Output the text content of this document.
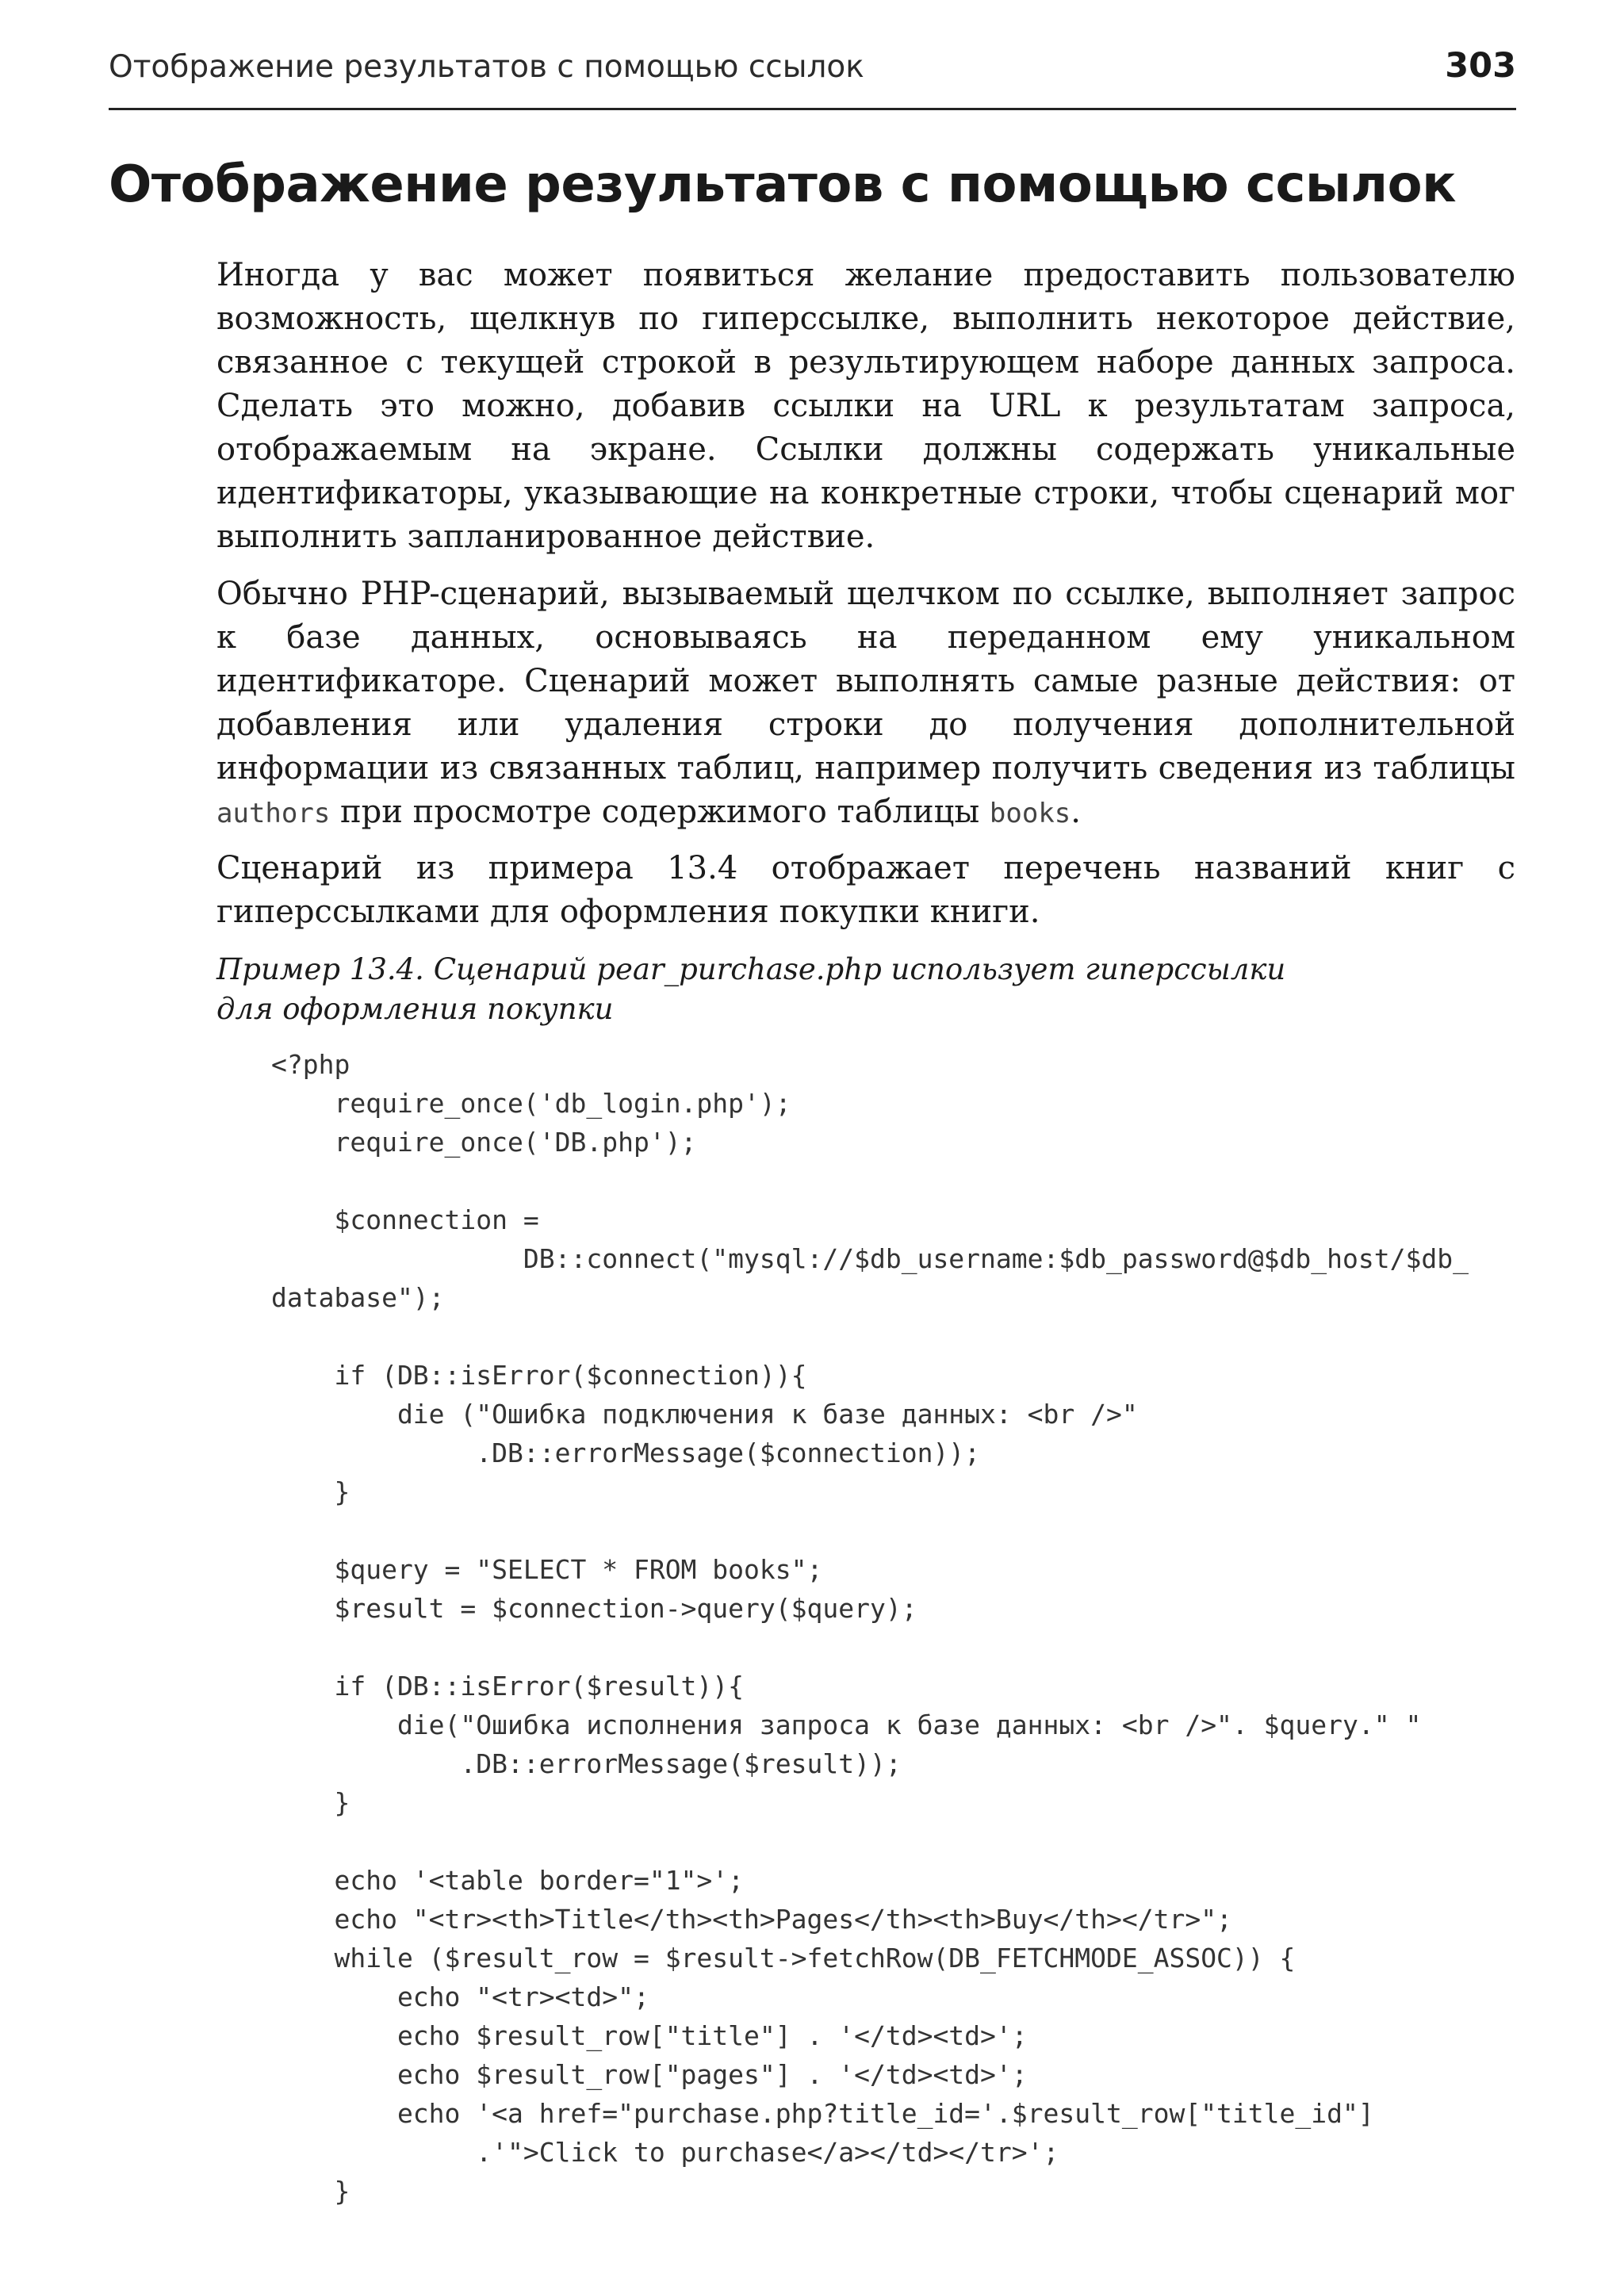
Отображение результатов с помощью ссылок	303
Отображение результатов с помощью ссылок

Иногда у вас может появиться желание предоставить пользователю возможность, щелкнув по гиперссылке, выполнить некоторое действие, связанное с текущей строкой в результирующем наборе данных запроса. Сделать это можно, добавив ссылки на URL к результатам запроса, отображаемым на экране. Ссылки должны содержать уникальные идентификаторы, указывающие на конкретные строки, чтобы сценарий мог выполнить запланированное действие.

Обычно PHP-сценарий, вызываемый щелчком по ссылке, выполняет запрос к базе данных, основываясь на переданном ему уникальном идентификаторе. Сценарий может выполнять самые разные действия: от добавления или удаления строки до получения дополнительной информации из связанных таблиц, например получить сведения из таблицы authors при просмотре содержимого таблицы books.

Сценарий из примера 13.4 отображает перечень названий книг с гиперссылками для оформления покупки книги.

Пример 13.4. Сценарий pear_purchase.php использует гиперссылки
для оформления покупки
<?php
require_once('db_login.php');
require_once('DB.php');
$connection =
DB::connect("mysql://$db_username:$db_password@$db_host/$db_
database");
if (DB::isError($connection)){
die ("Ошибка подключения к базе данных: <br />"
.DB::errorMessage($connection));
}
$query = "SELECT * FROM books";
$result = $connection->query($query);
if (DB::isError($result)){
die("Ошибка исполнения запроса к базе данных: <br />". $query." "
.DB::errorMessage($result));
}
echo '<table border="1">';
echo "<tr><th>Title</th><th>Pages</th><th>Buy</th></tr>";
while ($result_row = $result->fetchRow(DB_FETCHMODE_ASSOC)) {
echo "<tr><td>";
echo $result_row["title"] . '</td><td>';
echo $result_row["pages"] . '</td><td>';
echo '<a href="purchase.php?title_id='.$result_row["title_id"]
.'">Click to purchase</a></td></tr>';
}
